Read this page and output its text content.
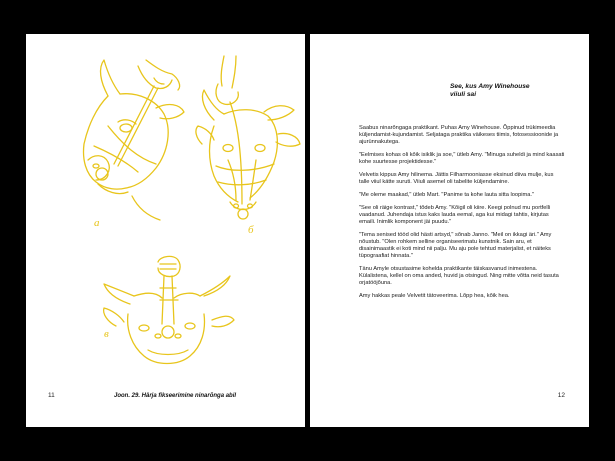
a
б
в
11	Joon. 29. Härja fikseerimine ninarõnga abil
See, kus Amy Winehouse
viiuli sai

Saabus ninarõngaga praktikant. Puhas Amy Winehouse. Õppinud trükimeedia küljendamist-kujundamist. Seljataga praktika väikeses tiimis, fotosessioonide ja ajurünnakutega.

"Eelmises kohas oli kõik isiklik ja soe," ütleb Amy. "Minuga suheldi ja mind kaasati kohe suurtesse projektidesse."

Velvetis kippus Amy hilinema. Jättis Filharmooniasse eksinud diiva mulje, kus talle viiul kätte suruti. Viiuli asemel oli tabelite küljendamine.

"Me oleme maakad," ütleb Mart. "Panime ta kohe lauta sitta loopima."

"See oli räige kontrast," tõdeb Amy. "Kõigil oli kiire. Keegi polnud mu portfelli vaadanud. Juhendaja istus kaks lauda eemal, aga kui midagi tahtis, kirjutas emaili. Inimlik komponent jäi puudu."

"Tema senised tööd olid hästi artsyd," sõnab Janno. "Meil on ikkagi äri." Amy nõustub. "Olen rohkem selline organiseerimatu kunstnik. Sain aru, et disainimaastik ei koti mind nii palju. Mu aju pole tehtud materjalist, et näiteks tüpograafiat hinnata."

Tänu Amyle otsustasime kohelda praktikante täiskasvanud inimestena. Külalistena, kellel on oma anded, huvid ja otsingud. Ning mitte võtta neid tasuta orjatööjõuna.

Amy hakkas peale Velvetit tätoveerima. Lõpp hea, kõik hea.

12
